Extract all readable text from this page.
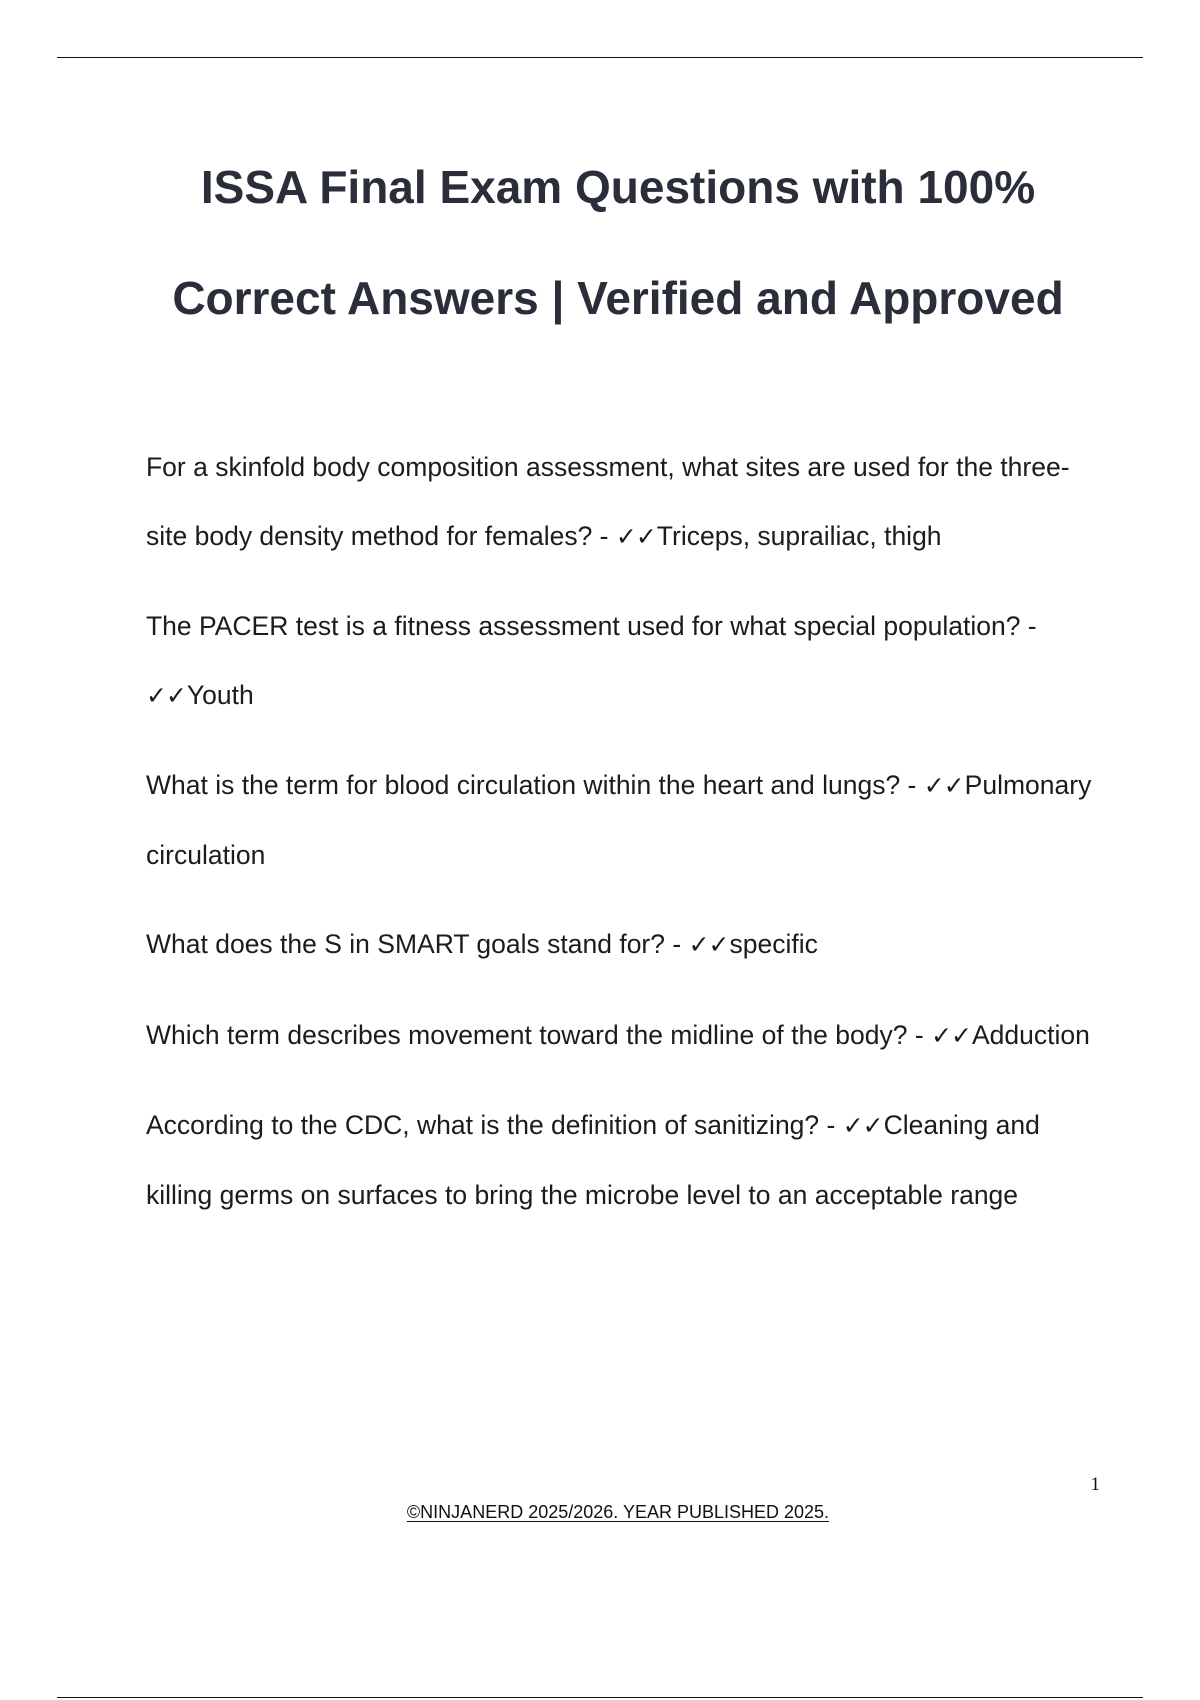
ISSA Final Exam Questions with 100%
Correct Answers | Verified and Approved

For a skinfold body composition assessment, what sites are used for the three-site body density method for females? - ✓✓Triceps, suprailiac, thigh

The PACER test is a fitness assessment used for what special population? - ✓✓Youth

What is the term for blood circulation within the heart and lungs? - ✓✓Pulmonary circulation

What does the S in SMART goals stand for? - ✓✓specific

Which term describes movement toward the midline of the body? - ✓✓Adduction

According to the CDC, what is the definition of sanitizing? - ✓✓Cleaning and killing germs on surfaces to bring the microbe level to an acceptable range

1
©NINJANERD 2025/2026. YEAR PUBLISHED 2025.
